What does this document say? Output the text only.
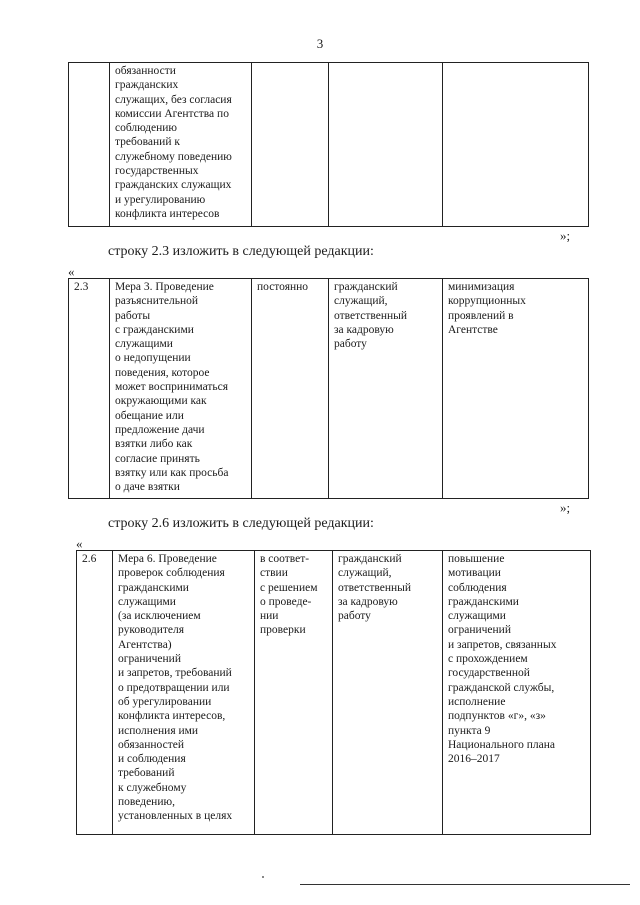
3
	обязанности
гражданских
служащих, без согласия
комиссии Агентства по
соблюдению
требований к
служебному поведению
государственных
гражданских служащих
и урегулированию
конфликта интересов			
»;
строку 2.3 изложить в следующей редакции:
«
2.3	Мера 3. Проведение
разъяснительной
работы
с гражданскими
служащими
о недопущении
поведения, которое
может восприниматься
окружающими как
обещание или
предложение дачи
взятки либо как
согласие принять
взятку или как просьба
о даче взятки	постоянно	гражданский
служащий,
ответственный
за кадровую
работу	минимизация
коррупционных
проявлений в
Агентстве
»;
строку 2.6 изложить в следующей редакции:
«
2.6	Мера 6. Проведение
проверок соблюдения
гражданскими
служащими
(за исключением
руководителя
Агентства)
ограничений
и запретов, требований
о предотвращении или
об урегулировании
конфликта интересов,
исполнения ими
обязанностей
и соблюдения
требований
к служебному
поведению,
установленных в целях	в соответ-
ствии
с решением
о проведе-
нии
проверки	гражданский
служащий,
ответственный
за кадровую
работу	повышение
мотивации
соблюдения
гражданскими
служащими
ограничений
и запретов, связанных
с прохождением
государственной
гражданской службы,
исполнение
подпунктов «г», «з»
пункта 9
Национального плана
2016–2017
